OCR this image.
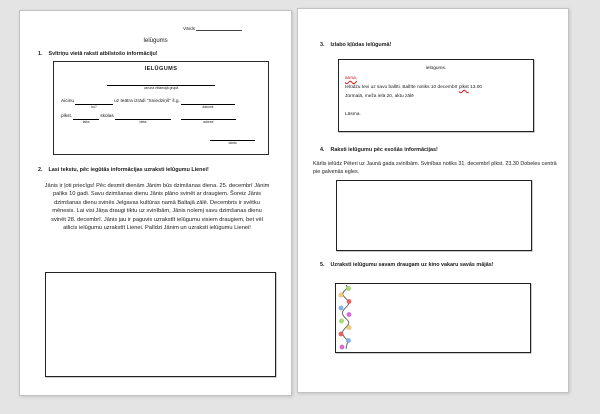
Vārds
Ielūgums
1. Svītriņu vietā raksti atbilstošo informāciju!
IELŪGUMS
uzruna vēlamajā grupā
Aicinu
ko?
uz teātra izrādi “Sniedziņš” š.g.
datums
plkst.
laiks
skolas
vieta	adrese
.
vārds
2. Lasi tekstu, pēc iegūtās informācijas uzraksti ielūgumu Lienei!
Jānis ir ļoti priecīgs! Pēc desmit dienām Jānim būs dzimšanas diena. 25. decembrī Jānim paliks 10 gadi. Savu dzimšanas dienu Jānis plāno svinēt ar draugiem. Šoreiz Jānis dzimšanas dienu svinēs Jelgavas kultūras namā Baltajā zālē. Decembris ir svētku mēnesis. Lai visi Jāņa draugi tiktu uz svinībām, Jānis nolemj savu dzimšanas dienu svinēt 28. decembrī. Jānis jau ir paguvis uzrakstīt ielūgumu visiem draugiem, bet vēl atlicis ielūgumu uzrakstīt Lienei. Palīdzi Jānim un uzraksti ielūgumu Lienei!
3. Izlabo kļūdas ielūgumā!
ielūgums.
anna,
Ielūdzu tevi uz savu ballīti. Ballīte notiks 10 decembrī plkst 13.00
Jūrmalā, meža ielā 20, aktu zālē
Lāsma.
4. Raksti ielūgumu pēc esošās informācijas!
Kārlis ielūdz Pēteri uz Jaunā gada svinībām. Svinības notiks 31. decembrī plkst. 23.30 Dobeles centrā pie galvenās egles.
5. Uzraksti ielūgumu savam draugam uz kino vakaru savās mājās!
